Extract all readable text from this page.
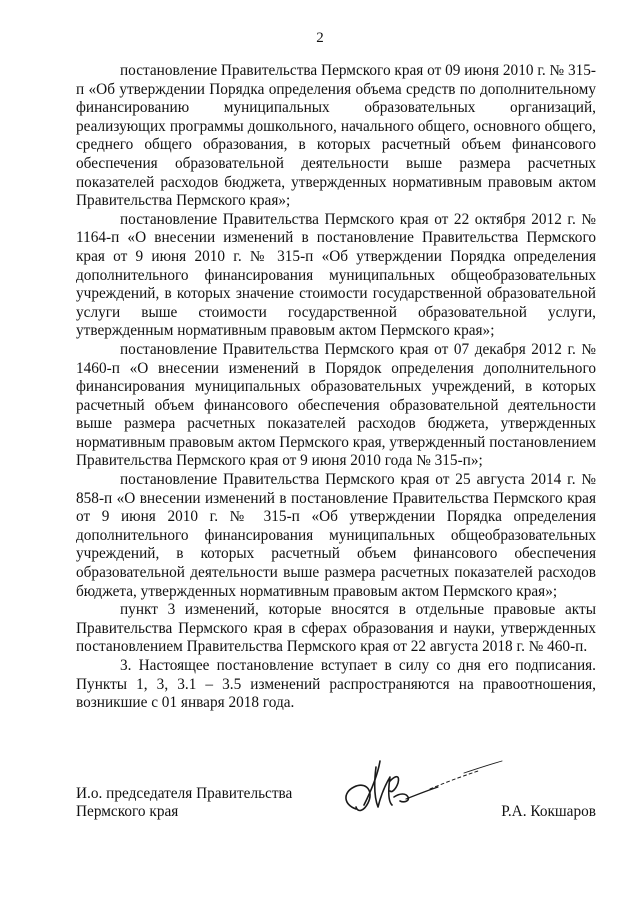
2

постановление Правительства Пермского края от 09 июня 2010 г. № 315-п «Об утверждении Порядка определения объема средств по дополнительному финансированию муниципальных образовательных организаций, реализующих программы дошкольного, начального общего, основного общего, среднего общего образования, в которых расчетный объем финансового обеспечения образовательной деятельности выше размера расчетных показателей расходов бюджета, утвержденных нормативным правовым актом Правительства Пермского края»;

постановление Правительства Пермского края от 22 октября 2012 г. № 1164-п «О внесении изменений в постановление Правительства Пермского края от 9 июня 2010 г. № 315-п «Об утверждении Порядка определения дополнительного финансирования муниципальных общеобразовательных учреждений, в которых значение стоимости государственной образовательной услуги выше стоимости государственной образовательной услуги, утвержденным нормативным правовым актом Пермского края»;

постановление Правительства Пермского края от 07 декабря 2012 г. № 1460-п «О внесении изменений в Порядок определения дополнительного финансирования муниципальных образовательных учреждений, в которых расчетный объем финансового обеспечения образовательной деятельности выше размера расчетных показателей расходов бюджета, утвержденных нормативным правовым актом Пермского края, утвержденный постановлением Правительства Пермского края от 9 июня 2010 года № 315-п»;

постановление Правительства Пермского края от 25 августа 2014 г. № 858-п «О внесении изменений в постановление Правительства Пермского края от 9 июня 2010 г. № 315-п «Об утверждении Порядка определения дополнительного финансирования муниципальных общеобразовательных учреждений, в которых расчетный объем финансового обеспечения образовательной деятельности выше размера расчетных показателей расходов бюджета, утвержденных нормативным правовым актом Пермского края»;

пункт 3 изменений, которые вносятся в отдельные правовые акты Правительства Пермского края в сферах образования и науки, утвержденных постановлением Правительства Пермского края от 22 августа 2018 г. № 460-п.

3. Настоящее постановление вступает в силу со дня его подписания. Пункты 1, 3, 3.1 – 3.5 изменений распространяются на правоотношения, возникшие с 01 января 2018 года.

И.о. председателя Правительства
Пермского края	Р.А. Кокшаров
